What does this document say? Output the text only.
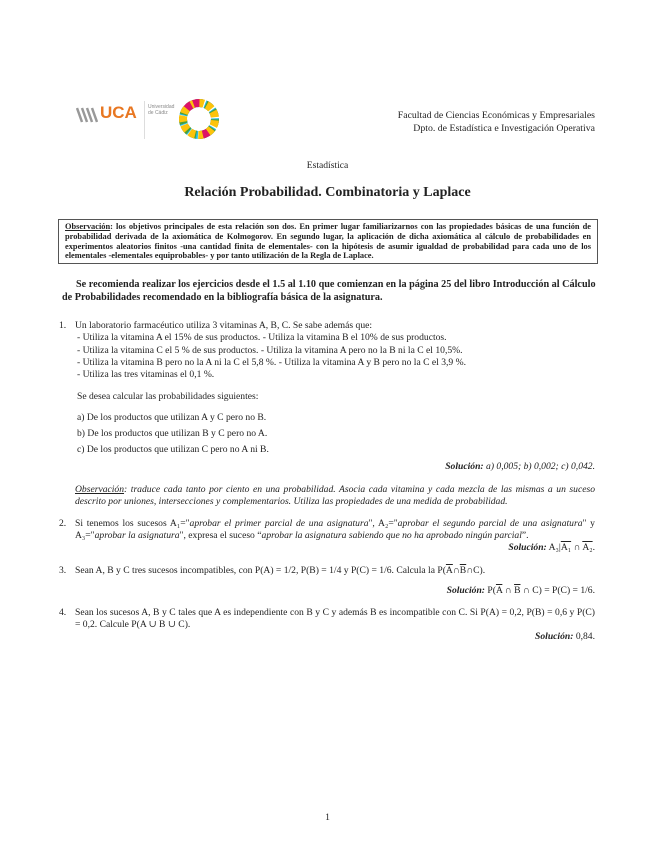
UCA Universidad de Cádiz	Facultad de Ciencias Económicas y Empresariales
Dpto. de Estadística e Investigación Operativa
Estadística
Relación Probabilidad. Combinatoria y Laplace
Observación: los objetivos principales de esta relación son dos. En primer lugar familiarizarnos con las propiedades básicas de una función de probabilidad derivada de la axiomática de Kolmogorov. En segundo lugar, la aplicación de dicha axiomática al cálculo de probabilidades en experimentos aleatorios finitos -una cantidad finita de elementales- con la hipótesis de asumir igualdad de probabilidad para cada uno de los elementales -elementales equiprobables- y por tanto utilización de la Regla de Laplace.
Se recomienda realizar los ejercicios desde el 1.5 al 1.10 que comienzan en la página 25 del libro Introducción al Cálculo de Probabilidades recomendado en la bibliografía básica de la asignatura.
1. Un laboratorio farmacéutico utiliza 3 vitaminas A, B, C. Se sabe además que:
- Utiliza la vitamina A el 15% de sus productos. - Utiliza la vitamina B el 10% de sus productos.
- Utiliza la vitamina C el 5 % de sus productos. - Utiliza la vitamina A pero no la B ni la C el 10,5%.
- Utiliza la vitamina B pero no la A ni la C el 5,8 %. - Utiliza la vitamina A y B pero no la C el 3,9 %.
- Utiliza las tres vitaminas el 0,1 %.
Se desea calcular las probabilidades siguientes:
a) De los productos que utilizan A y C pero no B.
b) De los productos que utilizan B y C pero no A.
c) De los productos que utilizan C pero no A ni B.
Solución: a) 0,005; b) 0,002; c) 0,042.
Observación: traduce cada tanto por ciento en una probabilidad. Asocia cada vitamina y cada mezcla de las mismas a un suceso descrito por uniones, intersecciones y complementarios. Utiliza las propiedades de una medida de probabilidad.
2. Si tenemos los sucesos A₁="aprobar el primer parcial de una asignatura", A₂="aprobar el segundo parcial de una asignatura" y A₃="aprobar la asignatura", expresa el suceso “aprobar la asignatura sabiendo que no ha aprobado ningún parcial”.
Solución: A₃|A₁ ∩ A₂.
3. Sean A, B y C tres sucesos incompatibles, con P(A) = 1/2, P(B) = 1/4 y P(C) = 1/6. Calcula la $P(\overline{A}\cap\overline{B}\cap C)$.
Solución: $P(\overline{A}$ ∩ $\overline{B}$ ∩ C) = P(C) = 1/6.
4. Sean los sucesos A, B y C tales que A es independiente con B y C y además B es incompatible con C. Si P(A) = 0,2, P(B) = 0,6 y P(C) = 0,2. Calcule P(A ∪ B ∪ C).
Solución: 0,84.
1
